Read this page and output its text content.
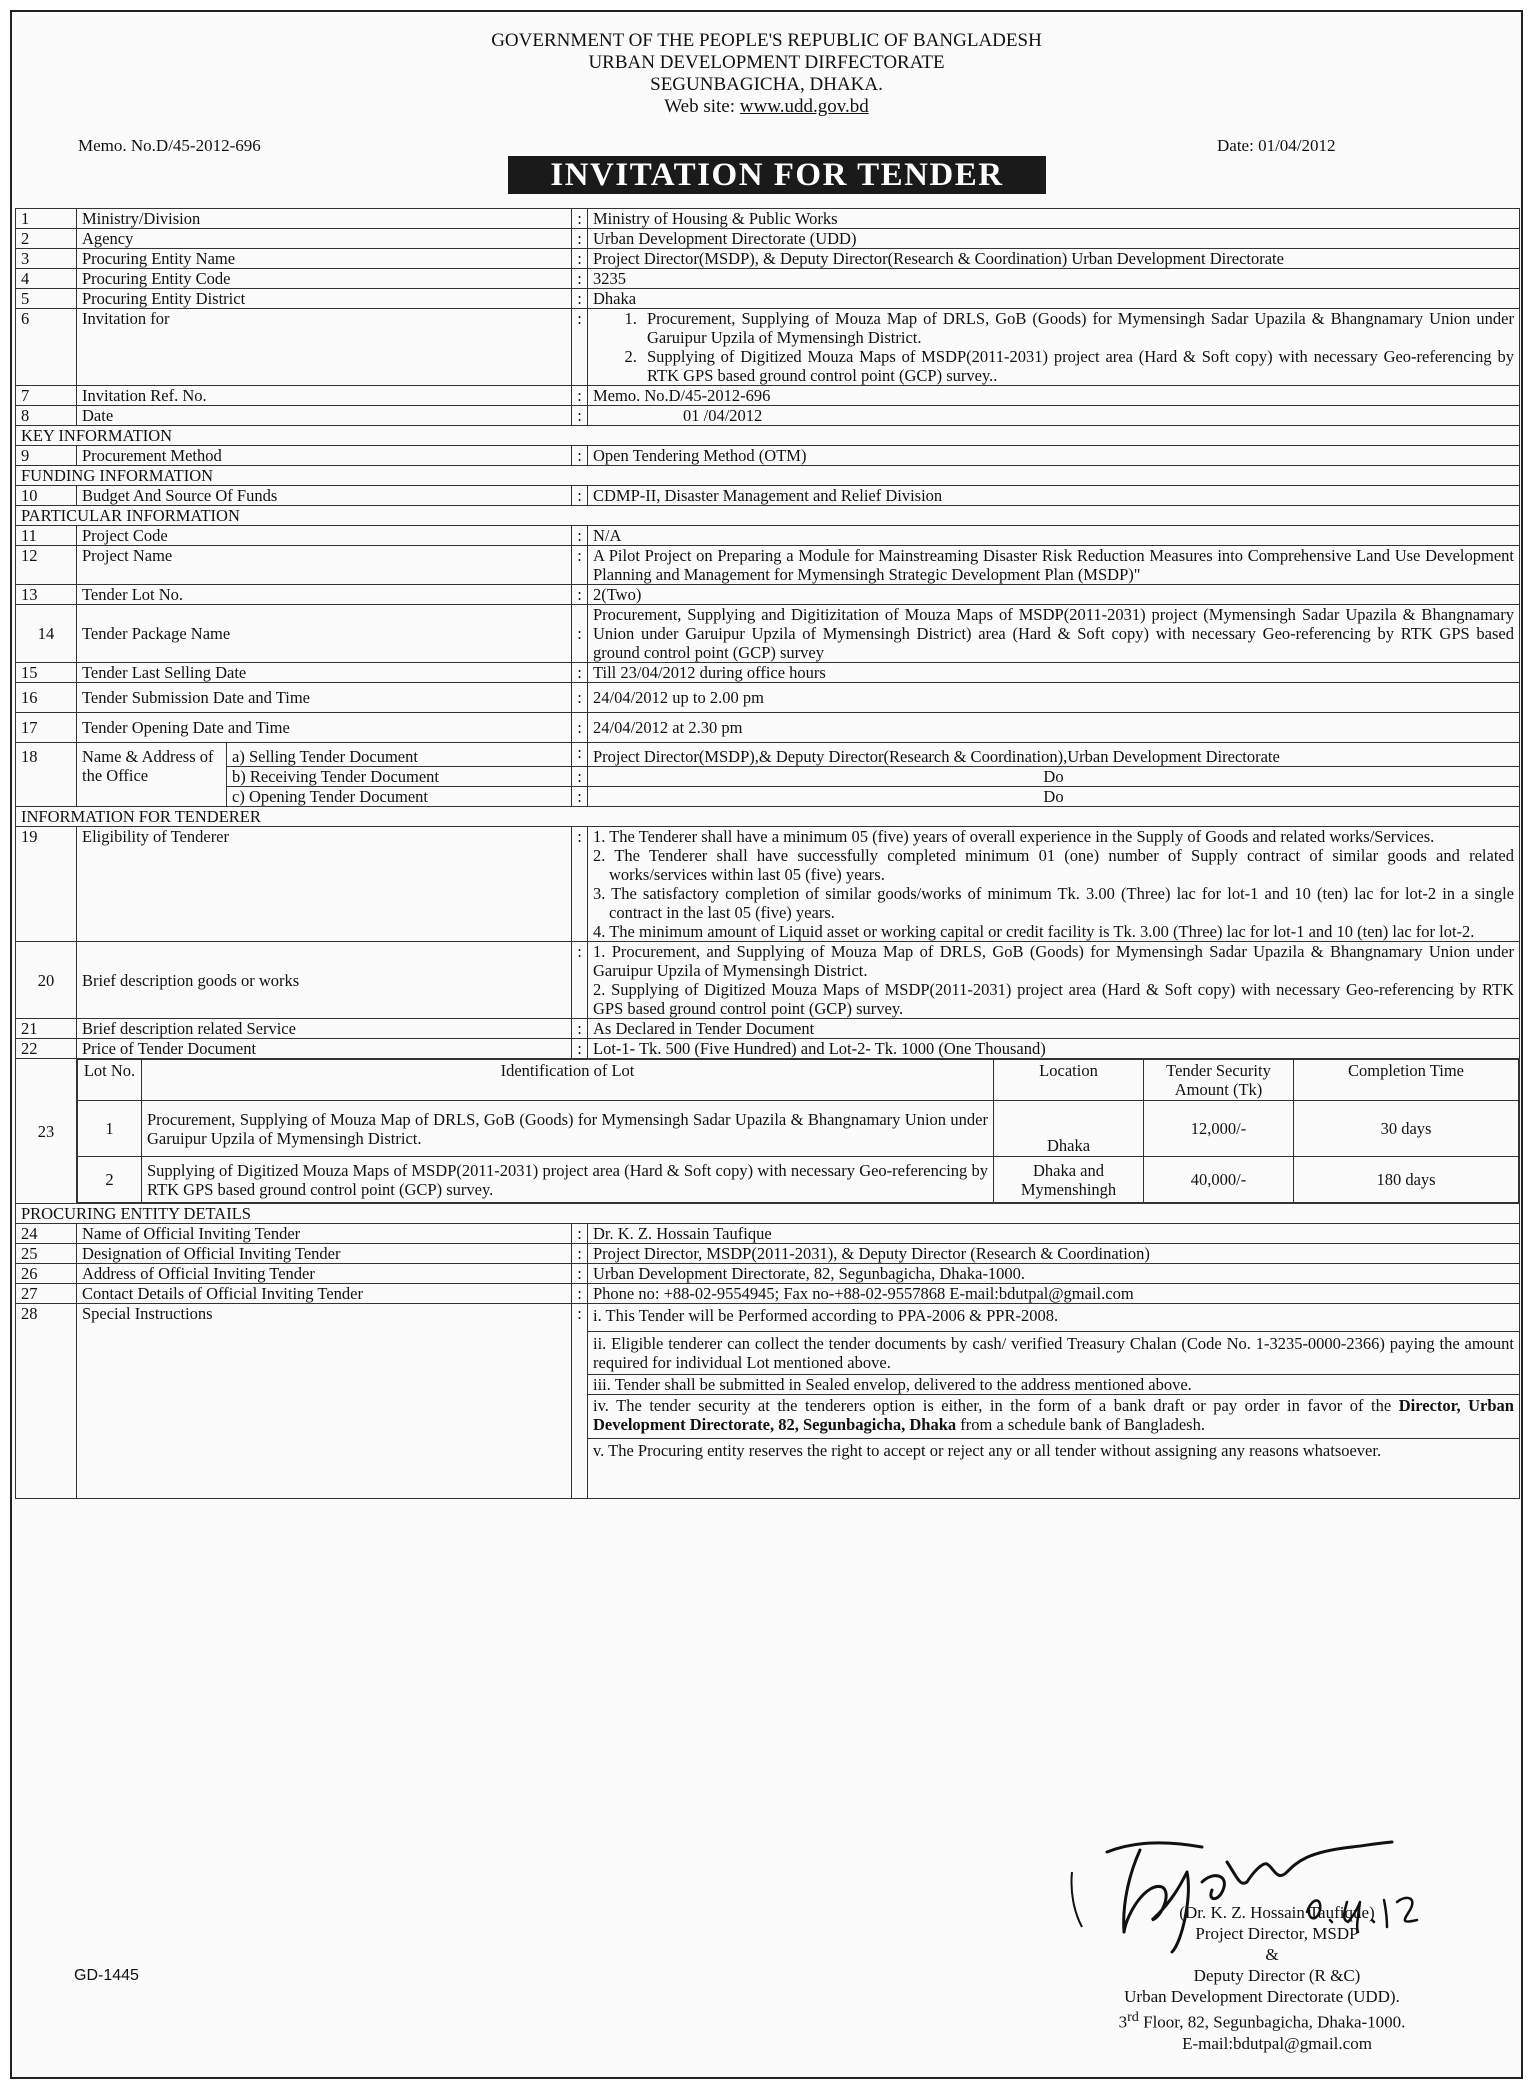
GOVERNMENT OF THE PEOPLE'S REPUBLIC OF BANGLADESH
URBAN DEVELOPMENT DIRFECTORATE
SEGUNBAGICHA, DHAKA.
Web site: www.udd.gov.bd
Memo. No.D/45-2012-696	Date: 01/04/2012
INVITATION FOR TENDER
1	Ministry/Division	:	Ministry of Housing & Public Works
2	Agency	:	Urban Development Directorate (UDD)
3	Procuring Entity Name	:	Project Director(MSDP), & Deputy Director(Research & Coordination) Urban Development Directorate
4	Procuring Entity Code	:	3235
5	Procuring Entity District	:	Dhaka
6	Invitation for	:	
1.Procurement, Supplying of Mouza Map of DRLS, GoB (Goods) for Mymensingh Sadar Upazila & Bhangnamary Union under Garuipur Upzila of Mymensingh District.
2. Supplying of Digitized Mouza Maps of MSDP(2011-2031) project area (Hard & Soft copy) with necessary Geo-referencing by RTK GPS based ground control point (GCP) survey..

7	Invitation Ref. No.	:	Memo. No.D/45-2012-696
8	Date	:	01 /04/2012
KEY INFORMATION
9	Procurement Method	:	Open Tendering Method (OTM)
FUNDING INFORMATION
10	Budget And Source Of Funds	:	CDMP-II, Disaster Management and Relief Division
PARTICULAR INFORMATION
11	Project Code	:	N/A
12	Project Name	:	A Pilot Project on Preparing a Module for Mainstreaming Disaster Risk Reduction Measures into Comprehensive Land Use Development Planning and Management for Mymensingh Strategic Development Plan (MSDP)"
13	Tender Lot No.	:	2(Two)
14	Tender Package Name	:	Procurement, Supplying and Digitizitation of Mouza Maps of MSDP(2011-2031) project (Mymensingh Sadar Upazila & Bhangnamary Union under Garuipur Upzila of Mymensingh District) area (Hard & Soft copy) with necessary Geo-referencing by RTK GPS based ground control point (GCP) survey
15	Tender Last Selling Date	:	Till 23/04/2012 during office hours
16	Tender Submission Date and Time	:	24/04/2012 up to 2.00 pm
17	Tender Opening Date and Time	:	24/04/2012 at 2.30 pm
18	Name & Address of the Office	a) Selling Tender Document	:	Project Director(MSDP),& Deputy Director(Research & Coordination),Urban Development Directorate
b) Receiving Tender Document	:	Do
c) Opening Tender Document	:	Do
INFORMATION FOR TENDERER
19	Eligibility of Tenderer	:	1. The Tenderer shall have a minimum 05 (five) years of overall experience in the Supply of Goods and related works/Services.
2. The Tenderer shall have successfully completed minimum 01 (one) number of Supply contract of similar goods and related works/services within last 05 (five) years.
3. The satisfactory completion of similar goods/works of minimum Tk. 3.00 (Three) lac for lot-1 and 10 (ten) lac for lot-2 in a single contract in the last 05 (five) years.
4. The minimum amount of Liquid asset or working capital or credit facility is Tk. 3.00 (Three) lac for lot-1 and 10 (ten) lac for lot-2.

20	Brief description goods or works	:	1. Procurement, and Supplying of Mouza Map of DRLS, GoB (Goods) for Mymensingh Sadar Upazila & Bhangnamary Union under Garuipur Upzila of Mymensingh District.
2. Supplying of Digitized Mouza Maps of MSDP(2011-2031) project area (Hard & Soft copy) with necessary Geo-referencing by RTK GPS based ground control point (GCP) survey.

21	Brief description related Service	:	As Declared in Tender Document
22	Price of Tender Document	:	Lot-1- Tk. 500 (Five Hundred) and Lot-2- Tk. 1000 (One Thousand)
23	
Lot No.	Identification of Lot	Location	Tender Security Amount (Tk)	Completion Time
1	Procurement, Supplying of Mouza Map of DRLS, GoB (Goods) for Mymensingh Sadar Upazila & Bhangnamary Union under Garuipur Upzila of Mymensingh District.	Dhaka	12,000/-	30 days
2	Supplying of Digitized Mouza Maps of MSDP(2011-2031) project area (Hard & Soft copy) with necessary Geo-referencing by RTK GPS based ground control point (GCP) survey.	Dhaka and Mymenshingh	40,000/-	180 days

PROCURING ENTITY DETAILS
24	Name of Official Inviting Tender	:	Dr. K. Z. Hossain Taufique
25	Designation of Official Inviting Tender	:	Project Director, MSDP(2011-2031), & Deputy Director (Research & Coordination)
26	Address of Official Inviting Tender	:	Urban Development Directorate, 82, Segunbagicha, Dhaka-1000.
27	Contact Details of Official Inviting Tender	:	Phone no: +88-02-9554945; Fax no-+88-02-9557868 E-mail:bdutpal@gmail.com
28	Special Instructions	:	i. This Tender will be Performed according to PPA-2006 & PPR-2008.
ii. Eligible tenderer can collect the tender documents by cash/ verified Treasury Chalan (Code No. 1-3235-0000-2366) paying the amount required for individual Lot mentioned above.
iii. Tender shall be submitted in Sealed envelop, delivered to the address mentioned above.
iv. The tender security at the tenderers option is either, in the form of a bank draft or pay order in favor of the Director, Urban Development Directorate, 82, Segunbagicha, Dhaka from a schedule bank of Bangladesh.
v. The Procuring entity reserves the right to accept or reject any or all tender without assigning any reasons whatsoever.
(Dr. K. Z. Hossain Taufique)
Project Director, MSDP
&
Deputy Director (R &C)
Urban Development Directorate (UDD).
3rd Floor, 82, Segunbagicha, Dhaka-1000.
E-mail:bdutpal@gmail.com
GD-1445
